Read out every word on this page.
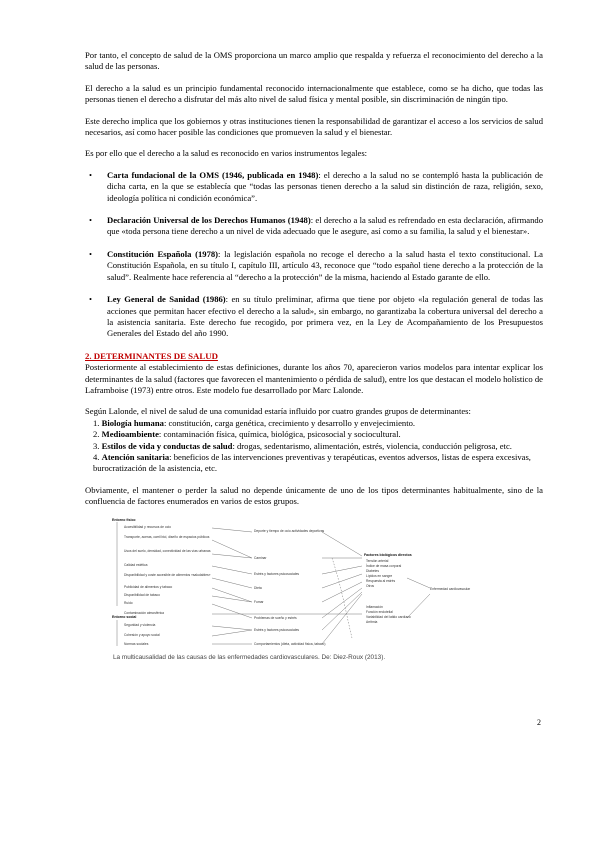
Por tanto, el concepto de salud de la OMS proporciona un marco amplio que respalda y refuerza el reconocimiento del derecho a la salud de las personas.

El derecho a la salud es un principio fundamental reconocido internacionalmente que establece, como se ha dicho, que todas las personas tienen el derecho a disfrutar del más alto nivel de salud física y mental posible, sin discriminación de ningún tipo.

Este derecho implica que los gobiernos y otras instituciones tienen la responsabilidad de garantizar el acceso a los servicios de salud necesarios, así como hacer posible las condiciones que promueven la salud y el bienestar.

Es por ello que el derecho a la salud es reconocido en varios instrumentos legales:

• Carta fundacional de la OMS (1946, publicada en 1948): el derecho a la salud no se contempló hasta la publicación de dicha carta, en la que se establecía que “todas las personas tienen derecho a la salud sin distinción de raza, religión, sexo, ideología política ni condición económica”.
• Declaración Universal de los Derechos Humanos (1948): el derecho a la salud es refrendado en esta declaración, afirmando que «toda persona tiene derecho a un nivel de vida adecuado que le asegure, así como a su familia, la salud y el bienestar».
• Constitución Española (1978): la legislación española no recoge el derecho a la salud hasta el texto constitucional. La Constitución Española, en su título I, capítulo III, artículo 43, reconoce que “todo español tiene derecho a la protección de la salud”. Realmente hace referencia al “derecho a la protección” de la misma, haciendo al Estado garante de ello.
• Ley General de Sanidad (1986): en su título preliminar, afirma que tiene por objeto «la regulación general de todas las acciones que permitan hacer efectivo el derecho a la salud», sin embargo, no garantizaba la cobertura universal del derecho a la asistencia sanitaria. Este derecho fue recogido, por primera vez, en la Ley de Acompañamiento de los Presupuestos Generales del Estado del año 1990.
2. DETERMINANTES DE SALUD

Posteriormente al establecimiento de estas definiciones, durante los años 70, aparecieron varios modelos para intentar explicar los determinantes de la salud (factores que favorecen el mantenimiento o pérdida de salud), entre los que destacan el modelo holístico de Laframboise (1973) entre otros. Este modelo fue desarrollado por Marc Lalonde.

Según Lalonde, el nivel de salud de una comunidad estaría influido por cuatro grandes grupos de determinantes:
1. Biología humana: constitución, carga genética, crecimiento y desarrollo y envejecimiento.
2. Medioambiente: contaminación física, química, biológica, psicosocial y sociocultural.
3. Estilos de vida y conductas de salud: drogas, sedentarismo, alimentación, estrés, violencia, conducción peligrosa, etc.
4. Atención sanitaria: beneficios de las intervenciones preventivas y terapéuticas, eventos adversos, listas de espera excesivas, burocratización de la asistencia, etc.

Obviamente, el mantener o perder la salud no depende únicamente de uno de los tipos determinantes habitualmente, sino de la confluencia de factores enumerados en varios de estos grupos.

Entorno físico
Entorno social
Accesibilidad y recursos de ocio
Transporte, aceras, carril bici, diseño de espacios públicos
Usos del suelo, densidad, conectividad de las vías urbanas
Calidad estética
Disponibilidad y coste accesible de alimentos «saludables»
Publicidad de alimentos y tabaco
Disponibilidad de tabaco
Ruido
Contaminación atmosférica
Seguridad y violencia
Cohesión y apoyo social
Normas sociales
Deporte y tiempo de ocio actividades deportivas
Caminar
Estrés y factores psicosociales
Dieta
Fumar
Problemas de sueño y estrés
Estrés y factores psicosociales
Comportamientos (dieta, actividad física, tabaco)
Factores biológicos directos
Tensión arterial
Índice de masa corporal
Diabetes
Lípidos en sangre
Respuesta al estrés
Otros
Inflamación
Función endotelial
Variabilidad del latido cardíaco
Arritmia
Enfermedad cardiovascular
La multicausalidad de las causas de las enfermedades cardiovasculares. De: Diez-Roux (2013).
2
